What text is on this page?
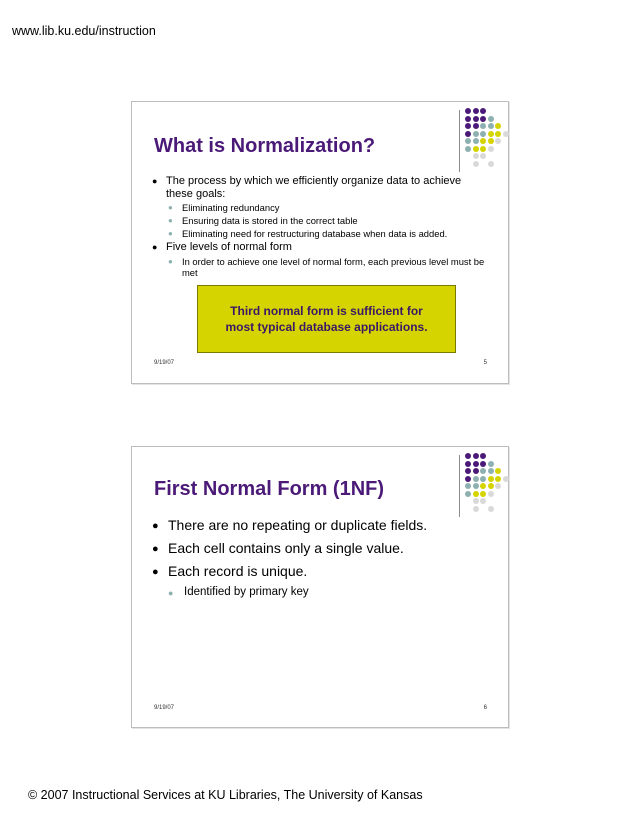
www.lib.ku.edu/instruction
What is Normalization?
● The process by which we efficiently organize data to achieve these goals:
● Eliminating redundancy
● Ensuring data is stored in the correct table
● Eliminating need for restructuring database when data is added.
● Five levels of normal form
● In order to achieve one level of normal form, each previous level must be met
Third normal form is sufficient for
most typical database applications.
9/19/07	5
First Normal Form (1NF)
● There are no repeating or duplicate fields.
● Each cell contains only a single value.
● Each record is unique.
● Identified by primary key
9/19/07	6
© 2007 Instructional Services at KU Libraries, The University of Kansas
